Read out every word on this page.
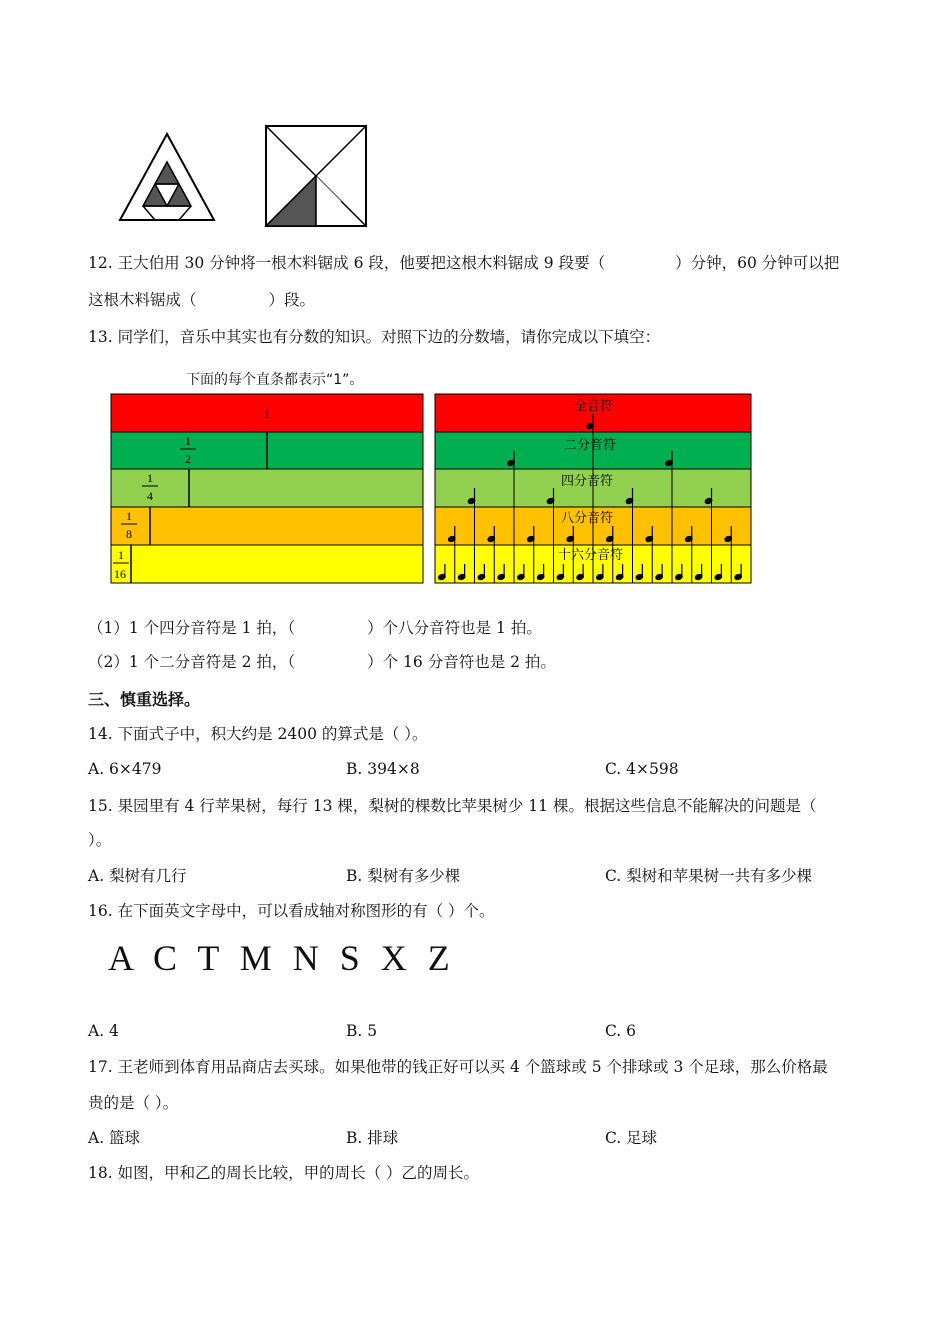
12. 王大伯用 30 分钟将一根木料锯成 6 段，他要把这根木料锯成 9 段要（	）分钟，60 分钟可以把
这根木料锯成（	）段。
13. 同学们，音乐中其实也有分数的知识。对照下边的分数墙，请你完成以下填空：
下面的每个直条都表示“1”。
1
1
2
1
4
1
8
1
16
全音符
二分音符
四分音符
八分音符
十六分音符
（1）1 个四分音符是 1 拍，（	）个八分音符也是 1 拍。
（2）1 个二分音符是 2 拍，（	）个 16 分音符也是 2 拍。
三、慎重选择。
14. 下面式子中，积大约是 2400 的算式是（ ）。
A. 6×479	B. 394×8	C. 4×598
15. 果园里有 4 行苹果树，每行 13 棵，梨树的棵数比苹果树少 11 棵。根据这些信息不能解决的问题是（
）。
A. 梨树有几行	B. 梨树有多少棵	C. 梨树和苹果树一共有多少棵
16. 在下面英文字母中，可以看成轴对称图形的有（ ）个。
A C T M N S X Z
A. 4	B. 5	C. 6
17. 王老师到体育用品商店去买球。如果他带的钱正好可以买 4 个篮球或 5 个排球或 3 个足球，那么价格最
贵的是（ ）。
A. 篮球	B. 排球	C. 足球
18. 如图，甲和乙的周长比较，甲的周长（ ）乙的周长。
